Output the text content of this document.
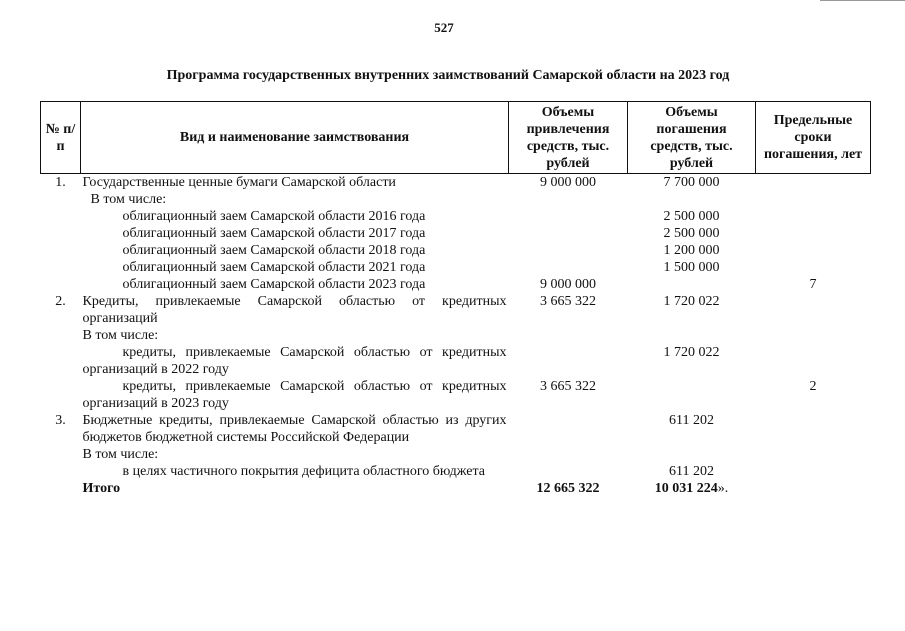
527
Программа государственных внутренних заимствований Самарской области на 2023 год
№ п/п	Вид и наименование заимствования	Объемы привлечения средств, тыс. рублей	Объемы погашения средств, тыс. рублей	Предельные сроки погашения, лет
1.	Государственные ценные бумаги Самарской области	9 000 000	7 700 000	
	В том числе:			
	облигационный заем Самарской области 2016 года		2 500 000	
	облигационный заем Самарской области 2017 года		2 500 000	
	облигационный заем Самарской области 2018 года		1 200 000	
	облигационный заем Самарской области 2021 года		1 500 000	
	облигационный заем Самарской области 2023 года	9 000 000		7
2.	Кредиты, привлекаемые Самарской областью от кредитных организаций	3 665 322	1 720 022	
	В том числе:			
	кредиты, привлекаемые Самарской областью от кредитных организаций в 2022 году		1 720 022	
	кредиты, привлекаемые Самарской областью от кредитных организаций в 2023 году	3 665 322		2
3.	Бюджетные кредиты, привлекаемые Самарской областью из других бюджетов бюджетной системы Российской Федерации		611 202	
	В том числе:			
	в целях частичного покрытия дефицита областного бюджета		611 202	
	Итого	12 665 322	10 031 224».	
